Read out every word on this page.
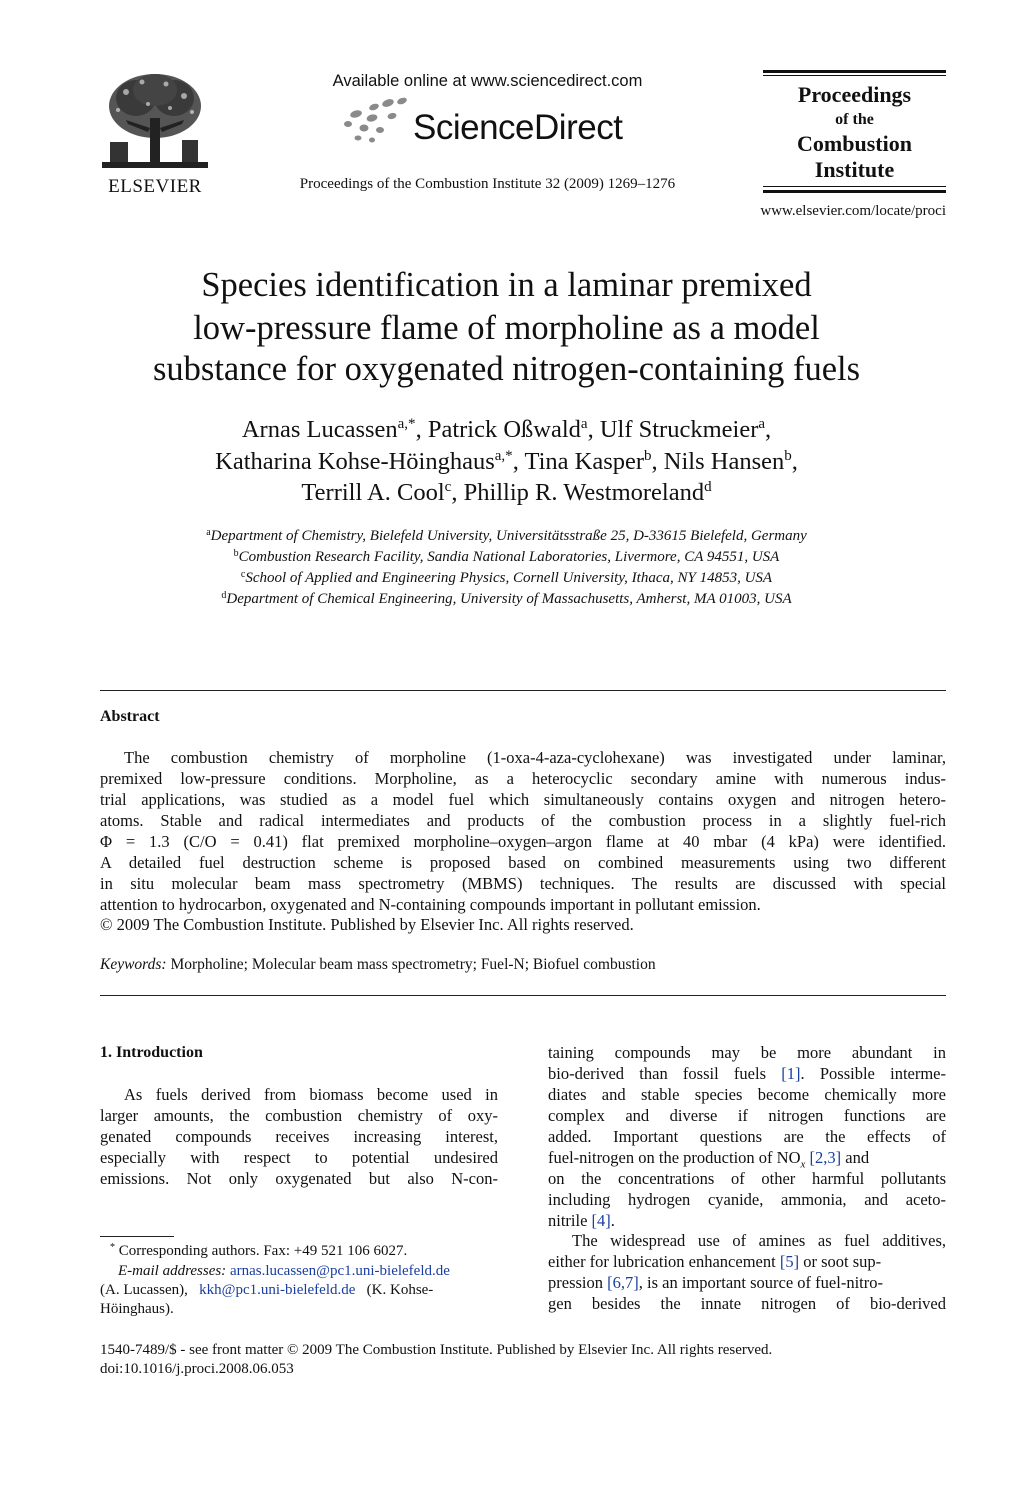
ELSEVIER
Available online at www.sciencedirect.com
ScienceDirect
Proceedings of the Combustion Institute 32 (2009) 1269–1276
Proceedings
of the
Combustion
Institute
www.elsevier.com/locate/proci
Species identification in a laminar premixed
low-pressure flame of morpholine as a model
substance for oxygenated nitrogen-containing fuels
Arnas Lucassen$^{a,*}$, Patrick Oßwald$^a$, Ulf Struckmeier$^a$,
Katharina Kohse-Höinghaus$^{a,*}$, Tina Kasper$^b$, Nils Hansen$^b$,
Terrill A. Cool$^c$, Phillip R. Westmoreland$^d$
$^a$Department of Chemistry, Bielefeld University, Universitätsstraße 25, D-33615 Bielefeld, Germany
$^b$Combustion Research Facility, Sandia National Laboratories, Livermore, CA 94551, USA
$^c$School of Applied and Engineering Physics, Cornell University, Ithaca, NY 14853, USA
$^d$Department of Chemical Engineering, University of Massachusetts, Amherst, MA 01003, USA
Abstract
The combustion chemistry of morpholine (1-oxa-4-aza-cyclohexane) was investigated under laminar,
premixed low-pressure conditions. Morpholine, as a heterocyclic secondary amine with numerous indus-
trial applications, was studied as a model fuel which simultaneously contains oxygen and nitrogen hetero-
atoms. Stable and radical intermediates and products of the combustion process in a slightly fuel-rich
Φ = 1.3 (C/O = 0.41) flat premixed morpholine–oxygen–argon flame at 40 mbar (4 kPa) were identified.
A detailed fuel destruction scheme is proposed based on combined measurements using two different
in situ molecular beam mass spectrometry (MBMS) techniques. The results are discussed with special
attention to hydrocarbon, oxygenated and N-containing compounds important in pollutant emission.
© 2009 The Combustion Institute. Published by Elsevier Inc. All rights reserved.
Keywords: Morpholine; Molecular beam mass spectrometry; Fuel-N; Biofuel combustion
1. Introduction
As fuels derived from biomass become used in
larger amounts, the combustion chemistry of oxy-
genated compounds receives increasing interest,
especially with respect to potential undesired
emissions. Not only oxygenated but also N-con-
taining compounds may be more abundant in
bio-derived than fossil fuels [1]. Possible interme-
diates and stable species become chemically more
complex and diverse if nitrogen functions are
added. Important questions are the effects of
fuel-nitrogen on the production of $NO_x$ [2,3] and
on the concentrations of other harmful pollutants
including hydrogen cyanide, ammonia, and aceto-
nitrile [4].
The widespread use of amines as fuel additives,
either for lubrication enhancement [5] or soot sup-
pression [6,7], is an important source of fuel-nitro-
gen besides the innate nitrogen of bio-derived
* Corresponding authors. Fax: +49 521 106 6027.
E-mail addresses: arnas.lucassen@pc1.uni-bielefeld.de
(A. Lucassen), kkh@pc1.uni-bielefeld.de (K. Kohse-
Höinghaus).
1540-7489/$ - see front matter © 2009 The Combustion Institute. Published by Elsevier Inc. All rights reserved.
doi:10.1016/j.proci.2008.06.053
